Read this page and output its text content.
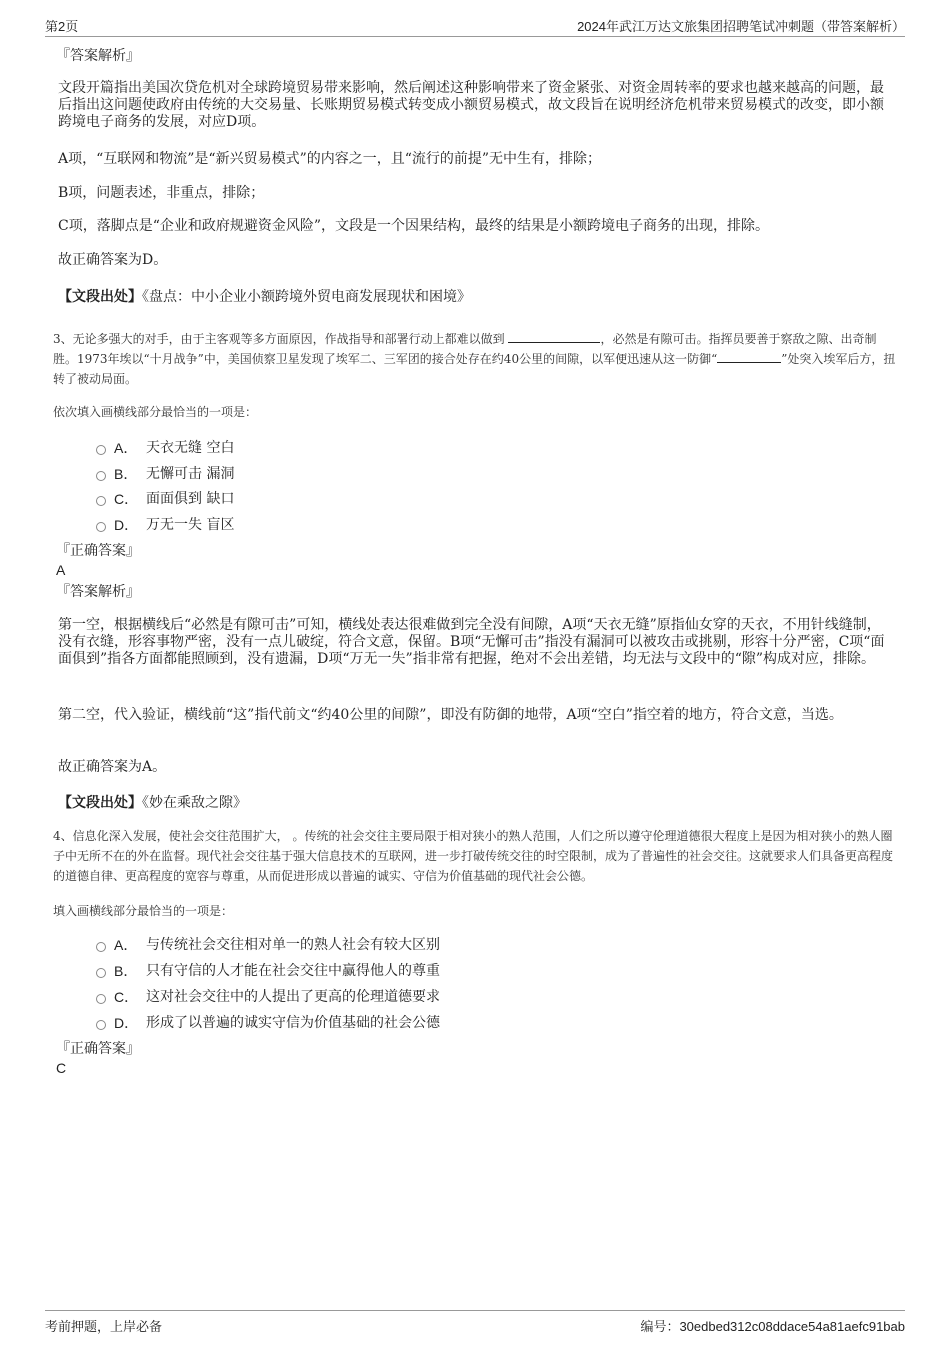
第2页	2024年武江万达文旅集团招聘笔试冲刺题（带答案解析）
『答案解析』
文段开篇指出美国次贷危机对全球跨境贸易带来影响，然后阐述这种影响带来了资金紧张、对资金周转率的要求也越来越高的问题，最后指出这问题使政府由传统的大交易量、长账期贸易模式转变成小额贸易模式，故文段旨在说明经济危机带来贸易模式的改变，即小额跨境电子商务的发展，对应D项。
A项，“互联网和物流”是“新兴贸易模式”的内容之一，且“流行的前提”无中生有，排除；
B项，问题表述，非重点，排除；
C项，落脚点是“企业和政府规避资金风险”，文段是一个因果结构，最终的结果是小额跨境电子商务的出现，排除。
故正确答案为D。
【文段出处】《盘点：中小企业小额跨境外贸电商发展现状和困境》
3、无论多强大的对手，由于主客观等多方面原因，作战指导和部署行动上都难以做到	，必然是有隙可击。指挥员要善于察敌之隙、出奇制胜。1973年埃以“十月战争”中，美国侦察卫星发现了埃军二、三军团的接合处存在约40公里的间隙，以军便迅速从这一防御“	”处突入埃军后方，扭转了被动局面。
依次填入画横线部分最恰当的一项是：
A． 天衣无缝 空白
B． 无懈可击 漏洞
C． 面面俱到 缺口
D． 万无一失 盲区
『正确答案』
A
『答案解析』
第一空，根据横线后“必然是有隙可击”可知，横线处表达很难做到完全没有间隙，A项“天衣无缝”原指仙女穿的天衣，不用针线缝制，没有衣缝，形容事物严密，没有一点儿破绽，符合文意，保留。B项“无懈可击”指没有漏洞可以被攻击或挑剔，形容十分严密，C项“面面俱到”指各方面都能照顾到，没有遗漏，D项“万无一失”指非常有把握，绝对不会出差错，均无法与文段中的“隙”构成对应，排除。
第二空，代入验证，横线前“这”指代前文“约40公里的间隙”，即没有防御的地带，A项“空白”指空着的地方，符合文意，当选。
故正确答案为A。
【文段出处】《妙在乘敌之隙》
4、信息化深入发展，使社会交往范围扩大， 。传统的社会交往主要局限于相对狭小的熟人范围，人们之所以遵守伦理道德很大程度上是因为相对狭小的熟人圈子中无所不在的外在监督。现代社会交往基于强大信息技术的互联网，进一步打破传统交往的时空限制，成为了普遍性的社会交往。这就要求人们具备更高程度的道德自律、更高程度的宽容与尊重，从而促进形成以普遍的诚实、守信为价值基础的现代社会公德。
填入画横线部分最恰当的一项是：
A． 与传统社会交往相对单一的熟人社会有较大区别
B． 只有守信的人才能在社会交往中赢得他人的尊重
C． 这对社会交往中的人提出了更高的伦理道德要求
D． 形成了以普遍的诚实守信为价值基础的社会公德
『正确答案』
C
考前押题，上岸必备	编号：30edbed312c08ddace54a81aefc91bab
